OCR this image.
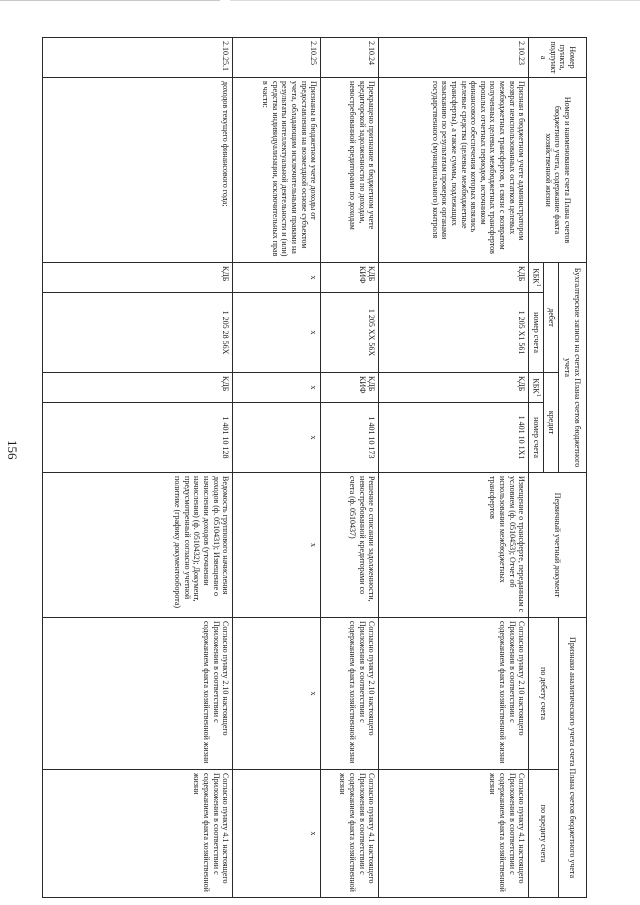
156
Номер пункта, подпункта	Номер и наименование счета Плана счетов бюджетного учета, содержание факта хозяйственной жизни	Бухгалтерские записи на счетах Плана счетов бюджетного учета				Первичный учетный документ	Признаки аналитического учета счета Плана счетов бюджетного учета	
		дебет		кредит			по дебету счета	по кредиту счета
		КБК$^1$	номер счета	КБК$^1$	номер счета			
2.10.23	Признан в бюджетном учете администратором возврат неиспользованных остатков целевых межбюджетных трансфертов, в связи с возвратом полученных целевых межбюджетных трансфертов прошлых отчетных периодов, источником финансового обеспечения которых являлись целевые средства (целевые межбюджетные трансферты), а также суммы, подлежащих взысканию по результатам проверок органами государственного (муниципального) контроля	КДБ	1 205 Х1 561	КДБ	1 401 10 1Х1	Извещение о трансферте, переданным с условием (ф. 0510453); Отчет об использовании межбюджетных трансфертов	Согласно пункту 2.10 настоящего Приложения в соответствии с содержанием факта хозяйственной жизни	Согласно пункту 4.1 настоящего Приложения в соответствии с содержанием факта хозяйственной жизни
2.10.24	Прекращено признание в бюджетном учете кредиторской задолженности по доходам, невостребованной кредиторами по доходам	КДБ КИФ	1 205 ХХ 56Х	КДБ КИФ	1 401 10 173	Решение о списании задолженности, невостребованной кредиторами со счета (ф. 0510437)	Согласно пункту 2.10 настоящего Приложения в соответствии с содержанием факта хозяйственной жизни	Согласно пункту 4.1 настоящего Приложения в соответствии с содержанием факта хозяйственной жизни
2.10.25	Признаны в бюджетном учете доходы от предоставления на возмездной основе субъектом учета, обладающим исключительными правами на результаты интеллектуальной деятельности и (или) средства индивидуализации, исключительных прав в части:	х	х	х	х	х	х	х
2.10.25.1	доходов текущего финансового года;	КДБ	1 205 28 56Х	КДБ	1 401 10 128	Ведомость группового начисления доходов (ф. 0510431); Извещение о начислении доходов (уточнении начисления) (ф. 0510432); Документ, предусмотренный согласно учетной политике (графику документооборота)	Согласно пункту 2.10 настоящего Приложения в соответствии с содержанием факта хозяйственной жизни	Согласно пункту 4.1 настоящего Приложения в соответствии с содержанием факта хозяйственной жизни
